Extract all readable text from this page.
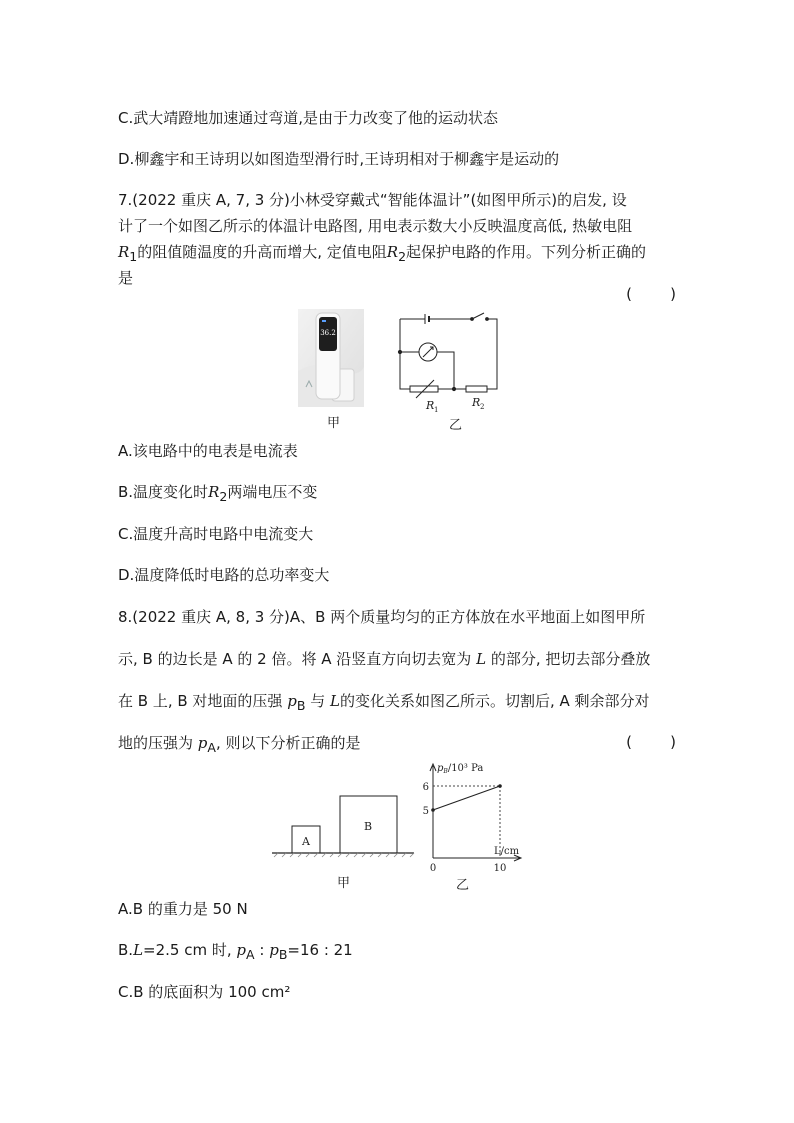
C.武大靖蹬地加速通过弯道,是由于力改变了他的运动状态
D.柳鑫宇和王诗玥以如图造型滑行时,王诗玥相对于柳鑫宇是运动的
7.(2022 重庆 A, 7, 3 分)小林受穿戴式“智能体温计”(如图甲所示)的启发, 设
计了一个如图乙所示的体温计电路图, 用电表示数大小反映温度高低, 热敏电阻
$R_1$的阻值随温度的升高而增大, 定值电阻$R_2$起保护电路的作用。下列分析正确的
是
(        )
36.2
甲
R 1
R 2
乙
A.该电路中的电表是电流表
B.温度变化时$R_2$两端电压不变
C.温度升高时电路中电流变大
D.温度降低时电路的总功率变大
8.(2022 重庆 A, 8, 3 分)A、B 两个质量均匀的正方体放在水平地面上如图甲所
示, B 的边长是 A 的 2 倍。将 A 沿竖直方向切去宽为 L 的部分, 把切去部分叠放
在 B 上, B 对地面的压强 $p_B$ 与 L的变化关系如图乙所示。切割后, A 剩余部分对
地的压强为 $p_A$, 则以下分析正确的是	(        )
A
B
甲
$p_B/10^3$ Pa
L/cm
5
6
0	10
乙
A.B 的重力是 50 N
B.L=2.5 cm 时, $p_A$ : $p_B=16$ : 21
C.B 的底面积为 100 cm²
